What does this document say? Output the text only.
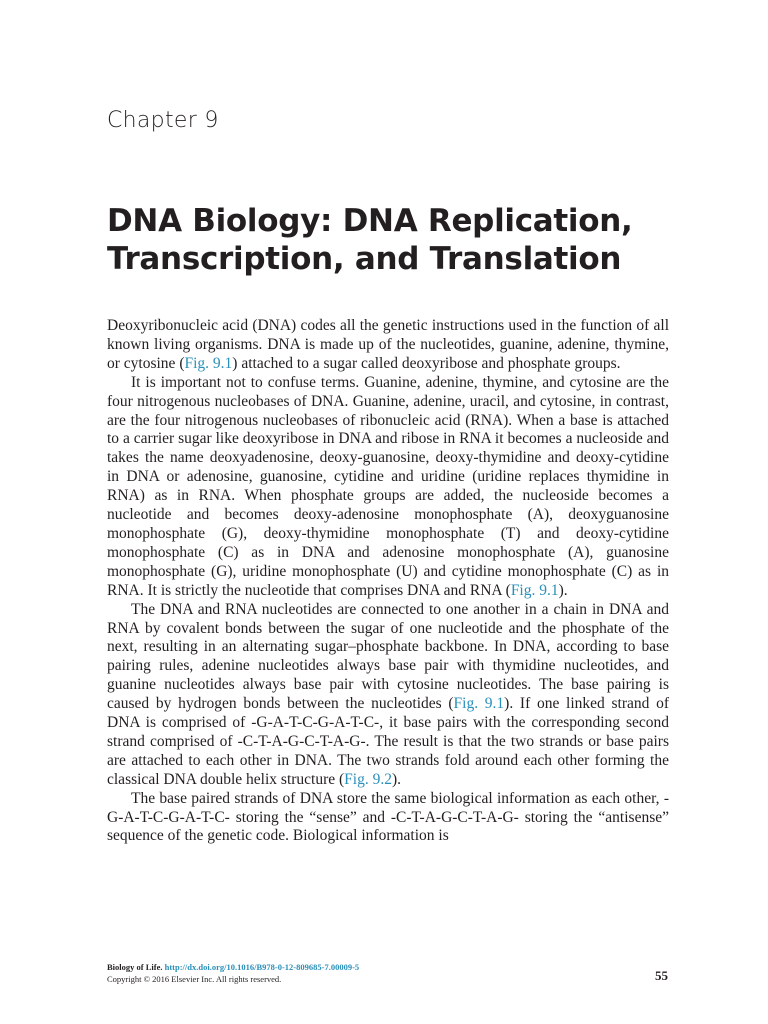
Chapter 9
DNA Biology: DNA Replication,
Transcription, and Translation

Deoxyribonucleic acid (DNA) codes all the genetic instructions used in the function of all known living organisms. DNA is made up of the nucleotides, guanine, adenine, thymine, or cytosine (Fig. 9.1) attached to a sugar called deoxyribose and phosphate groups.

It is important not to confuse terms. Guanine, adenine, thymine, and cytosine are the four nitrogenous nucleobases of DNA. Guanine, adenine, uracil, and cytosine, in contrast, are the four nitrogenous nucleobases of ribonucleic acid (RNA). When a base is attached to a carrier sugar like deoxyribose in DNA and ribose in RNA it becomes a nucleoside and takes the name deoxyadenosine, deoxy-guanosine, deoxy-thymidine and deoxy-cytidine in DNA or adenosine, guanosine, cytidine and uridine (uridine replaces thymidine in RNA) as in RNA. When phosphate groups are added, the nucleoside becomes a nucleotide and becomes deoxy-adenosine monophosphate (A), deoxyguanosine monophosphate (G), deoxy-thymidine monophosphate (T) and deoxy-cytidine monophosphate (C) as in DNA and adenosine monophosphate (A), guanosine monophosphate (G), uridine monophosphate (U) and cytidine monophosphate (C) as in RNA. It is strictly the nucleotide that comprises DNA and RNA (Fig. 9.1).

The DNA and RNA nucleotides are connected to one another in a chain in DNA and RNA by covalent bonds between the sugar of one nucleotide and the phosphate of the next, resulting in an alternating sugar–phosphate backbone. In DNA, according to base pairing rules, adenine nucleotides always base pair with thymidine nucleotides, and guanine nucleotides always base pair with cytosine nucleotides. The base pairing is caused by hydrogen bonds between the nucleotides (Fig. 9.1). If one linked strand of DNA is comprised of -G-A-T-C-G-A-T-C-, it base pairs with the corresponding second strand comprised of -C-T-A-G-C-T-A-G-. The result is that the two strands or base pairs are attached to each other in DNA. The two strands fold around each other forming the classical DNA double helix structure (Fig. 9.2).

The base paired strands of DNA store the same biological information as each other, -G-A-T-C-G-A-T-C- storing the “sense” and -C-T-A-G-C-T-A-G- storing the “antisense” sequence of the genetic code. Biological information is

Biology of Life. http://dx.doi.org/10.1016/B978-0-12-809685-7.00009-5
Copyright © 2016 Elsevier Inc. All rights reserved.	55
